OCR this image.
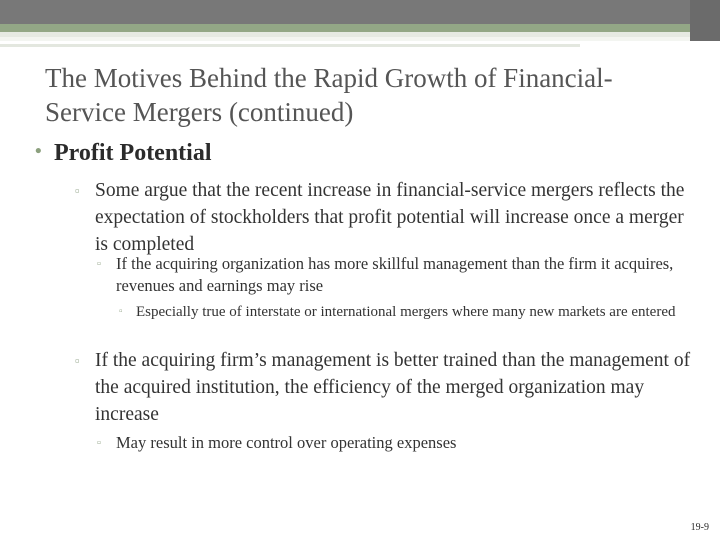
The Motives Behind the Rapid Growth of Financial-Service Mergers (continued)
• Profit Potential
▫ Some argue that the recent increase in financial-service mergers reflects the expectation of stockholders that profit potential will increase once a merger is completed
▫ If the acquiring organization has more skillful management than the firm it acquires, revenues and earnings may rise
▫ Especially true of interstate or international mergers where many new markets are entered
▫ If the acquiring firm’s management is better trained than the management of the acquired institution, the efficiency of the merged organization may increase
▫ May result in more control over operating expenses
19-9
